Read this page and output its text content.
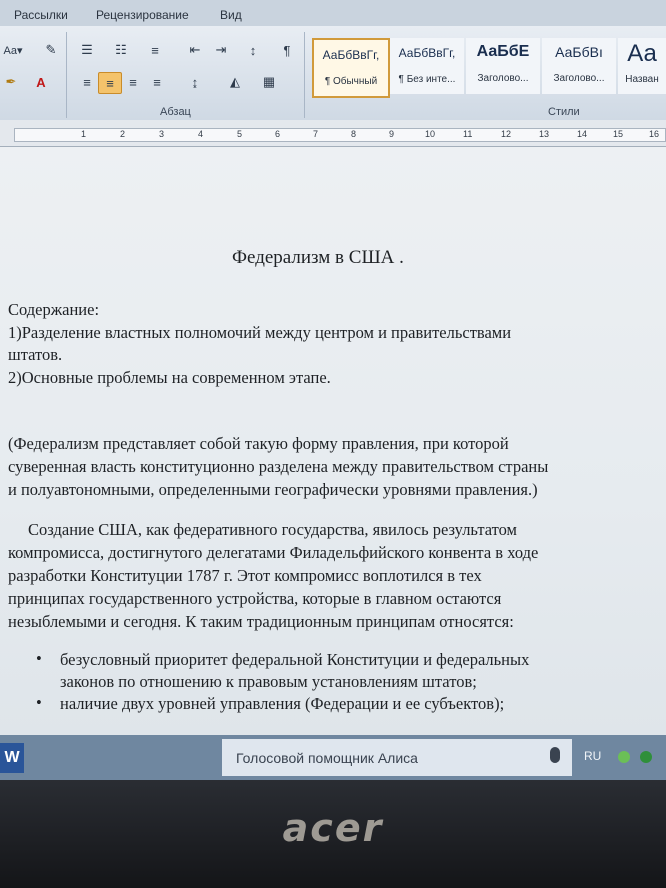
Рассылки Рецензирование	Вид
Aa▾	✎
✒	A
☰	☷	≡	⇤	⇥	↕	¶
≡	≡	≡	≡	↨	◭	▦
Абзац
АаБбВвГг,
¶ Обычный
АаБбВвГг,
¶ Без инте...
АаБбЕ
Заголово...
АаБбВı
Заголово...
Аа
Назван
Стили
1	2	3	4	5	6	7	8	9	10	11	12	13	14	15	16
Федерализм в США .
Содержание:
1)Разделение властных полномочий между центром и правительствами
штатов.
2)Основные проблемы на современном этапе.
(Федерализм представляет собой такую форму правления, при которой
суверенная власть конституционно разделена между правительством страны
и полуавтономными, определенными географически уровнями правления.)
Создание США, как федеративного государства, явилось результатом
компромисса, достигнутого делегатами Филадельфийского конвента в ходе
разработки Конституции 1787 г. Этот компромисс воплотился в тех
принципах государственного устройства, которые в главном остаются
незыблемыми и сегодня. К таким традиционным принципам относятся:
• безусловный приоритет федеральной Конституции и федеральных
законов по отношению к правовым установлениям штатов;
• наличие двух уровней управления (Федерации и ее субъектов);
W	Голосовой помощник Алиса	RU
acer
